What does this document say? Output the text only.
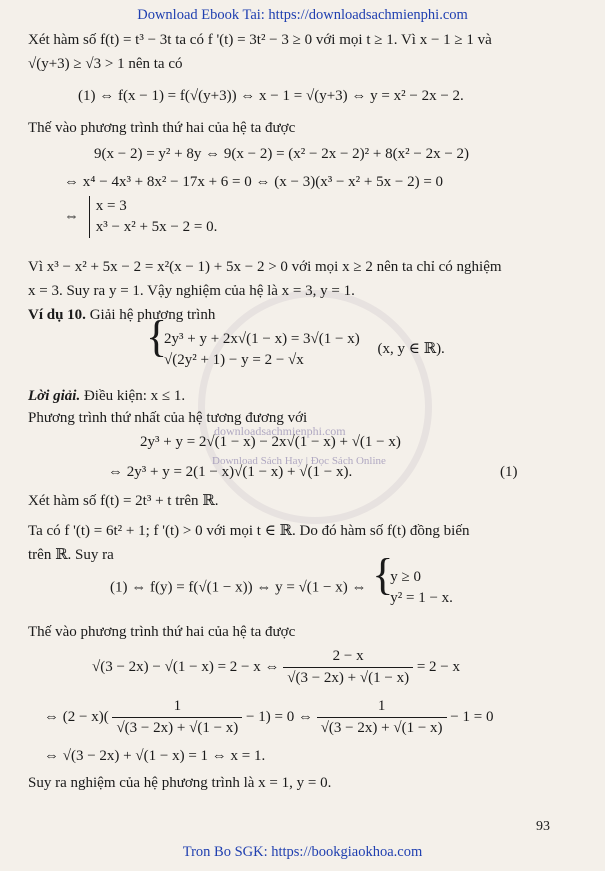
Download Ebook Tai: https://downloadsachmienphi.com
downloadsachmienphi.com
Download Sách Hay | Đọc Sách Online
Xét hàm số f(t) = t³ − 3t ta có f '(t) = 3t² − 3 ≥ 0 với mọi t ≥ 1. Vì x − 1 ≥ 1 và
√(y+3) ≥ √3 > 1 nên ta có
(1) ⇔ f(x − 1) = f(√(y+3)) ⇔ x − 1 = √(y+3) ⇔ y = x² − 2x − 2.
Thế vào phương trình thứ hai của hệ ta được
9(x − 2) = y² + 8y ⇔ 9(x − 2) = (x² − 2x − 2)² + 8(x² − 2x − 2)
⇔ x⁴ − 4x³ + 8x² − 17x + 6 = 0 ⇔ (x − 3)(x³ − x² + 5x − 2) = 0
⇔
x = 3
x³ − x² + 5x − 2 = 0.
Vì x³ − x² + 5x − 2 = x²(x − 1) + 5x − 2 > 0 với mọi x ≥ 2 nên ta chỉ có nghiệm
x = 3. Suy ra y = 1. Vậy nghiệm của hệ là x = 3, y = 1.
Ví dụ 10. Giải hệ phương trình
{ 2y³ + y + 2x√(1 − x) = 3√(1 − x)
√(2y² + 1) − y = 2 − √x
(x, y ∈ ℝ).
Lời giải. Điều kiện: x ≤ 1.
Phương trình thứ nhất của hệ tương đương với
2y³ + y = 2√(1 − x) − 2x√(1 − x) + √(1 − x)
⇔ 2y³ + y = 2(1 − x)√(1 − x) + √(1 − x).	(1)
Xét hàm số f(t) = 2t³ + t trên ℝ.
Ta có f '(t) = 6t² + 1; f '(t) > 0 với mọi t ∈ ℝ. Do đó hàm số f(t) đồng biến
trên ℝ. Suy ra
(1) ⇔ f(y) = f(√(1 − x)) ⇔ y = √(1 − x) ⇔
{ y ≥ 0
y² = 1 − x.
Thế vào phương trình thứ hai của hệ ta được
√(3 − 2x) − √(1 − x) = 2 − x ⇔ $\frac{2 - x}{√(3 - 2x) + √(1 - x)} = 2 - x$
⇔ $(2 - x)( \frac{1}{√(3 - 2x) + √(1 - x)} - 1) = 0$ ⇔ $\frac{1}{√(3 - 2x) + √(1 - x)} - 1 = 0$
⇔ √(3 − 2x) + √(1 − x) = 1 ⇔ x = 1.
Suy ra nghiệm của hệ phương trình là x = 1, y = 0.
93
Tron Bo SGK: https://bookgiaokhoa.com
